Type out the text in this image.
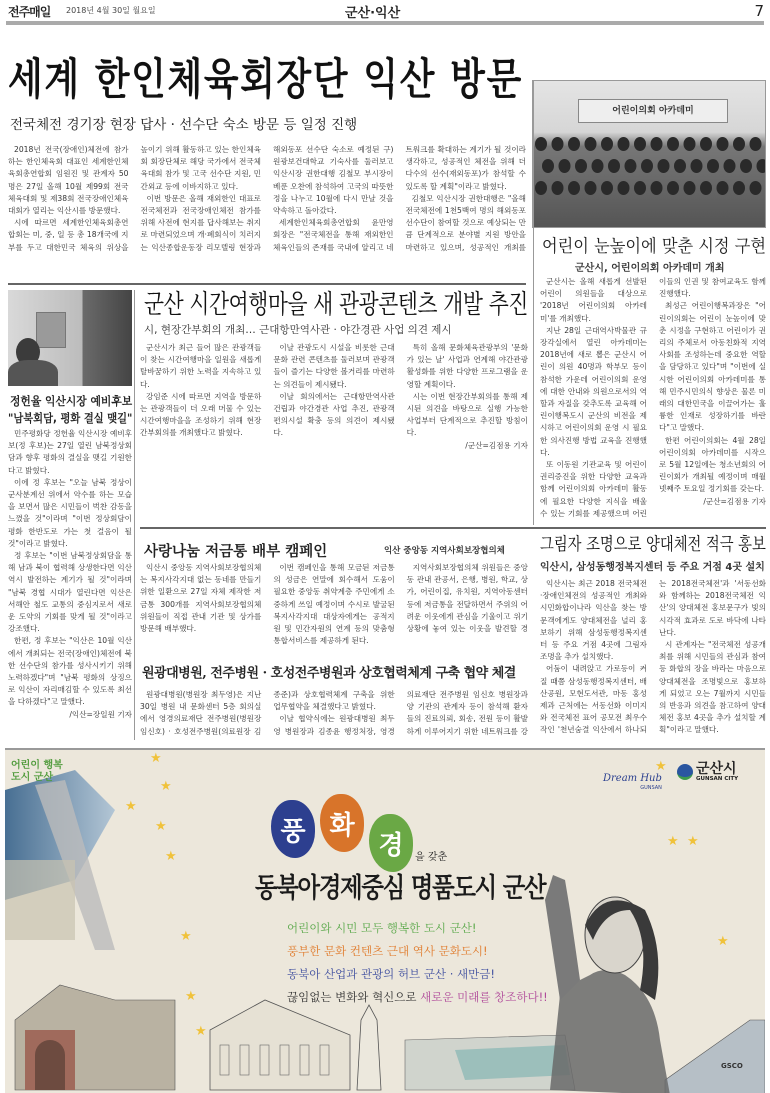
전주매일	2018년 4월 30일 월요일	군산·익산	7
세계 한인체육회장단 익산 방문
전국체전 경기장 현장 답사 · 선수단 숙소 방문 등 일정 진행

2018년 전국(장애인)체전에 참가하는 한인체육회 대표인 세계한인체육회총연합회 임원진 및 관계자 50명은 27일 올해 10월 제99회 전국체육대회 및 제38회 전국장애인체육대회가 열리는 익산시를 방문했다.

시에 따르면 세계한인체육회총연합회는 미, 중, 일 등 총 18개국에 지부를 두고 대한민국 체육의 위상을 높이기 위해 활동하고 있는 한인체육회 회장단체로 해당 국가에서 전국체육대회 참가 및 고국 선수단 지원, 민간외교 등에 이바지하고 있다.

이번 방문은 올해 재외한인 대표로 전국체전과 전국장애인체전 참가를 위해 사전에 현지를 답사해보는 취지로 마련되었으며 개·폐회식이 치러지는 익산종합운동장 리모델링 현장과 해외동포 선수단 숙소로 예정된 구)원광보건대학교 기숙사를 둘러보고 익산시장 권한대행 김철모 부시장이 베푼 오찬에 참석하여 고국의 따뜻한 정을 나누고 10월에 다시 만날 것을 약속하고 돌아갔다.

세계한인체육회총연합회 윤만영 회장은 "전국체전을 통해 재외한인 체육인들의 존재를 국내에 알리고 네트워크를 확대하는 계기가 될 것이라 생각하고, 성공적인 체전을 위해 더 다수의 선수(재외동포)가 참석할 수 있도록 할 계획"이라고 밝혔다.

김철모 익산시장 권한대행은 "올해 전국체전에 1천5백여 명의 해외동포 선수단이 참여할 것으로 예상되는 만큼 단계적으로 분야별 지원 방안을 마련하고 있으며, 성공적인 개최를

어린이의회 아카데미
어린이 눈높이에 맞춘 시정 구현
군산시, 어린이의회 아카데미 개최

군산시는 올해 새롭게 선발된 어린이 의원들을 대상으로 '2018년 어린이의회 아카데미'를 개최했다.

지난 28일 근대역사박물관 규장각실에서 열린 아카데미는 2018년에 새로 뽑은 군산시 어린이 의원 40명과 학부모 등이 참석한 가운데 어린이의회 운영에 대한 안내와 의원으로서의 역할과 자질을 갖추도록 교육해 어린이행복도시 군산의 비전을 제시하고 어린이의회 운영 시 필요한 의사진행 방법 교육을 진행했다.

또 이동원 기관교육 및 어린이 권리증진을 위한 다양한 교육과 함께 어린이의회 아카데미 활동에 필요한 다양한 지식을 배울 수 있는 기회를 제공했으며 어린이들의 인권 및 참여교육도 함께 진행했다.

최성근 어린이행복과장은 "어린이의회는 어린이 눈높이에 맞춘 시정을 구현하고 어린이가 권리의 주체로서 아동친화적 지역사회를 조성하는데 중요한 역할을 담당하고 있다"며 "이번에 실시한 어린이의회 아카데미를 통해 민주시민의식 향상은 물론 미래의 대한민국을 이끌어가는 훌륭한 인재로 성장하기를 바란다"고 말했다.

한편 어린이의회는 4월 28일 어린이의회 아카데미를 시작으로 5월 12일에는 청소년회의 어린이회가 개최될 예정이며 매월 넷째주 토요일 정기회를 갖는다.

/군산=김점용 기자
정헌율 익산시장 예비후보
"남북회담, 평화 결실 맺길"

민주평화당 정헌율 익산시장 예비후보(정 후보)는 27일 열린 남북정상회담과 향후 평화의 결실을 맺길 기원한다고 밝혔다.

이에 정 후보는 "오늘 남북 정상이 군사분계선 위에서 악수를 하는 모습을 보면서 많은 시민들이 벅찬 감동을 느꼈을 것"이라며 "이번 정상회담이 평화 한반도로 가는 첫 걸음이 될 것"이라고 밝혔다.

정 후보는 "이번 남북정상회담을 통해 남과 북이 협력해 상생한다면 익산 역시 발전하는 계기가 될 것"이라며 "남북 경협 시대가 열린다면 익산은 서해안 철도 교통의 중심지로서 새로운 도약의 기회를 맞게 될 것"이라고 강조했다.

한편, 정 후보는 "익산은 10월 익산에서 개최되는 전국(장애인)체전에 북한 선수단의 참가를 성사시키기 위해 노력하겠다"며 "남북 평화의 상징으로 익산이 자리매김할 수 있도록 최선을 다하겠다"고 말했다.

/익산=장일원 기자
군산 시간여행마을 새 관광콘텐츠 개발 추진
시, 현장간부회의 개최… 근대항만역사관 · 야간경관 사업 의견 제시

군산시가 최근 들어 많은 관광객들이 찾는 시간여행마을 일원을 새롭게 탈바꿈하기 위한 노력을 지속하고 있다.

강임준 시에 따르면 지역을 방문하는 관광객들이 더 오래 머물 수 있는 시간여행마을을 조성하기 위해 현장간부회의를 개최했다고 밝혔다.

이날 관광도시 시설을 비롯한 근대문화 관련 콘텐츠를 둘러보며 관광객들이 즐기는 다양한 볼거리를 마련하는 의견들이 제시됐다.

이날 회의에서는 근대항만역사관 건립과 야간경관 사업 추진, 관광객 편의시설 확충 등의 의견이 제시됐다.

특히 올해 문화체육관광부의 '문화가 있는 날' 사업과 연계해 야간관광 활성화를 위한 다양한 프로그램을 운영할 계획이다.

시는 이번 현장간부회의를 통해 제시된 의견을 바탕으로 실행 가능한 사업부터 단계적으로 추진할 방침이다.

/군산=김점용 기자
사랑나눔 저금통 배부 캠페인	익산 중앙동 지역사회보장협의체

익산시 중앙동 지역사회보장협의체는 복지사각지대 없는 동네를 만들기 위한 일환으로 27일 자체 제작한 저금통 300개를 지역사회보장협의체 위원들이 직접 관내 기관 및 상가를 방문해 배부했다.

이번 캠페인을 통해 모금된 저금통의 성금은 연말에 회수해서 도움이 필요한 중앙동 취약계층 주민에게 소중하게 쓰일 예정이며 수시로 발굴된 복지사각지대 대상자에게는 공적지원 및 민간자원의 연계 등의 맞춤형통합서비스를 제공하게 된다.

지역사회보장협의체 위원들은 중앙동 관내 관공서, 은행, 병원, 학교, 상가, 어린이집, 유치원, 지역아동센터 등에 저금통을 전달하면서 주위의 어려운 이웃에게 관심을 기울이고 위기상황에 놓여 있는 이웃을 발견할 경

그림자 조명으로 양대체전 적극 홍보
익산시, 삼성동행정복지센터 등 주요 거점 4곳 설치

익산시는 최근 2018 전국체전·장애인체전의 성공적인 개최와 시민화합이나라 익산을 찾는 방문객에게도 양대체전을 널리 홍보하기 위해 삼성동행정복지센터 등 주요 거점 4곳에 그림자 조명을 추가 설치했다.

어둠이 내려앉고 가로등이 켜질 때쯤 삼성동행정복지센터, 배산공원, 모현도서관, 마동 홍성제과 근처에는 서동선화 이미지와 전국체전 표어 공모전 최우수작인 '천년숨결 익산에서 하나되는 2018전국체전'과 '서동선화와 함께하는 2018전국체전 익산'의 양대체전 홍보문구가 빛의 시각적 효과로 도로 바닥에 나타난다.

시 관계자는 "전국체전 성공개최를 위해 시민들의 관심과 참여 등 화합의 장을 바라는 마음으로 양대체전을 조명빛으로 홍보하게 되었고 오는 7월까지 시민들의 반응과 의견을 참고하여 양대체전 홍보 4곳을 추가 설치할 계획"이라고 말했다.

원광대병원, 전주병원 · 호성전주병원과 상호협력체계 구축 협약 체결

원광대병원(병원장 최두영)은 지난 30일 병원 내 문화센터 5층 회의실에서 영경의료재단 전주병원(병원장 임신호) · 호성전주병원(의료원장 김종준)과 상호협력체계 구축을 위한 업무협약을 체결했다고 밝혔다.

이날 협약식에는 원광대병원 최두영 병원장과 김종윤 행정처장, 영경의료재단 전주병원 임신호 병원장과 양 기관의 관계자 등이 참석해 환자들의 진료의뢰, 회송, 전원 등이 활발하게 이루어지기 위한 네트워크를 강

★
★
★
★
★
★
★
★
★ ★
★
★
어린이 행복도시 군산	Dream Hub
GUNSAN
군산시
GUNSAN CITY
풍 화
경	을 갖춘
동북아경제중심 명품도시 군산
어린이와 시민 모두 행복한 도시 군산!
풍부한 문화 컨텐츠 근대 역사 문화도시!
동북아 산업과 관광의 허브 군산 · 새만금!
끊임없는 변화와 혁신으로 새로운 미래를 창조하다!!
GSCO
